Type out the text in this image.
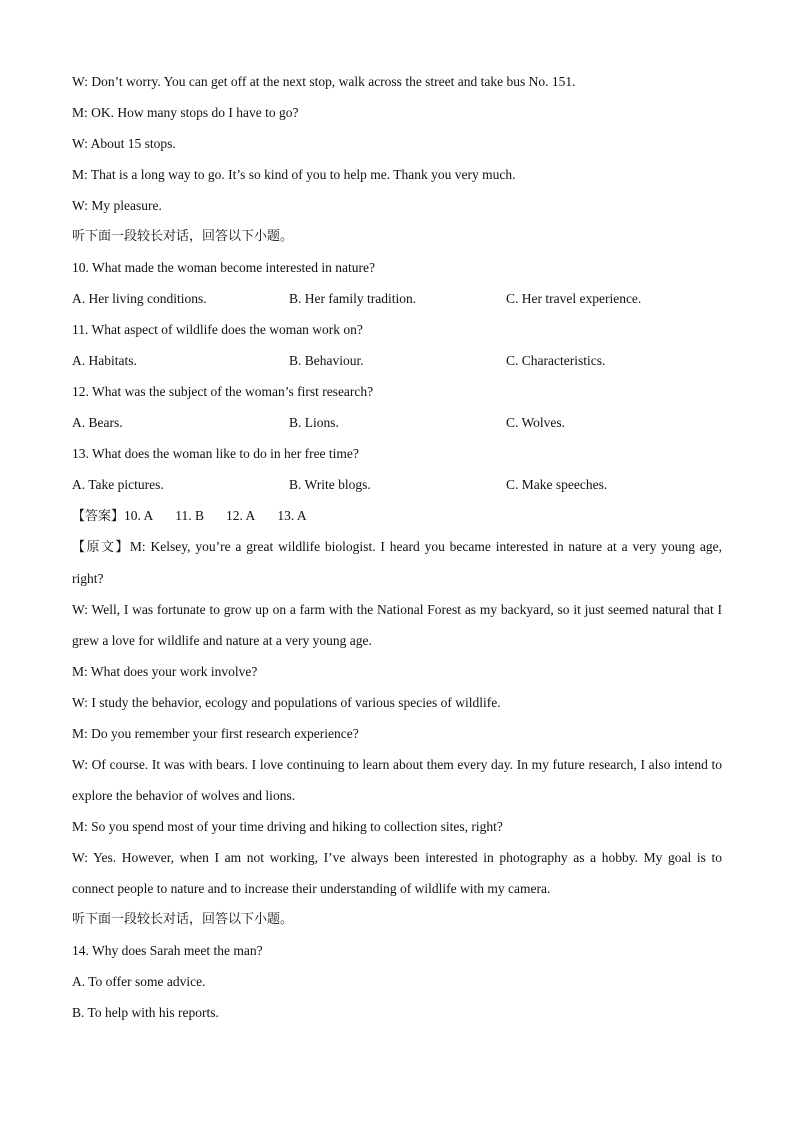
W: Don’t worry. You can get off at the next stop, walk across the street and take bus No. 151.
M: OK. How many stops do I have to go?
W: About 15 stops.
M: That is a long way to go. It’s so kind of you to help me. Thank you very much.
W: My pleasure.
听下面一段较长对话，回答以下小题。
10. What made the woman become interested in nature?
A. Her living conditions.	B. Her family tradition.	C. Her travel experience.
11. What aspect of wildlife does the woman work on?
A. Habitats.	B. Behaviour.	C. Characteristics.
12. What was the subject of the woman’s first research?
A. Bears.	B. Lions.	C. Wolves.
13. What does the woman like to do in her free time?
A. Take pictures.	B. Write blogs.	C. Make speeches.
【答案】10. A 11. B 12. A 13. A
【原文】M: Kelsey, you’re a great wildlife biologist. I heard you became interested in nature at a very young age, right?
W: Well, I was fortunate to grow up on a farm with the National Forest as my backyard, so it just seemed natural that I grew a love for wildlife and nature at a very young age.
M: What does your work involve?
W: I study the behavior, ecology and populations of various species of wildlife.
M: Do you remember your first research experience?
W: Of course. It was with bears. I love continuing to learn about them every day. In my future research, I also intend to explore the behavior of wolves and lions.
M: So you spend most of your time driving and hiking to collection sites, right?
W: Yes. However, when I am not working, I’ve always been interested in photography as a hobby. My goal is to connect people to nature and to increase their understanding of wildlife with my camera.
听下面一段较长对话，回答以下小题。
14. Why does Sarah meet the man?
A. To offer some advice.
B. To help with his reports.
